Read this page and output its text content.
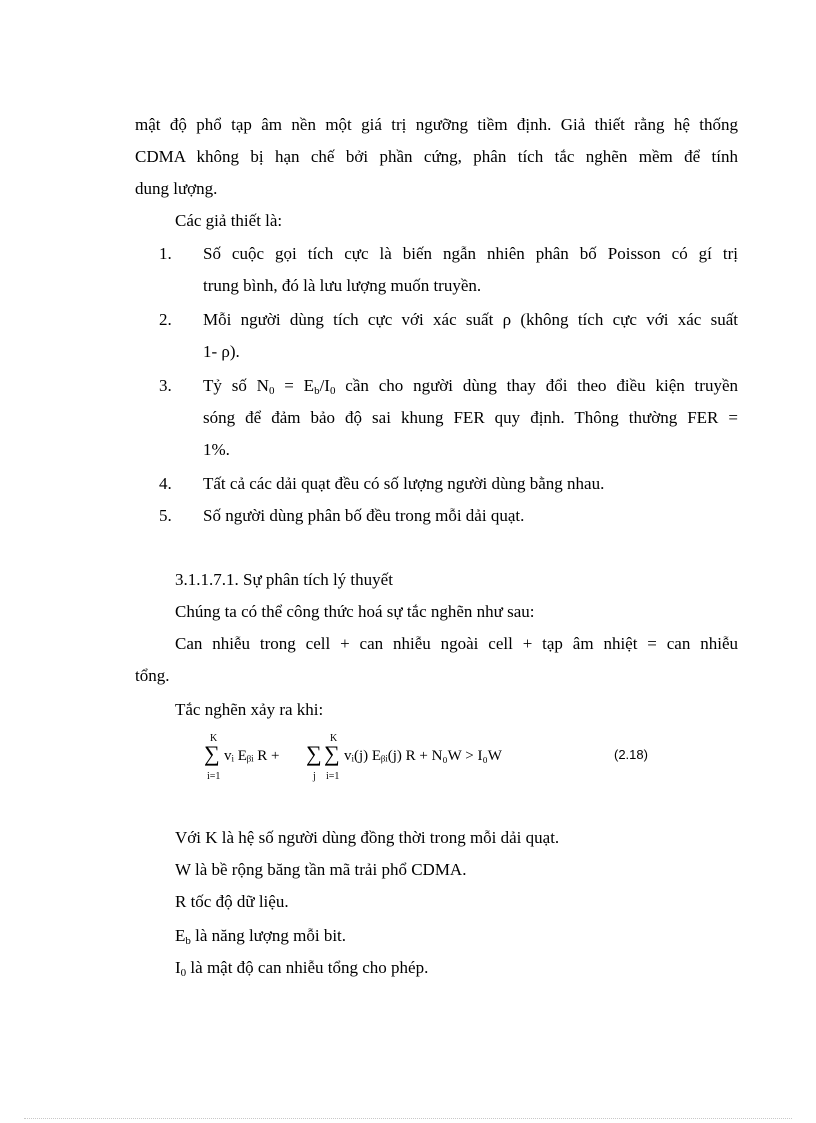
mật độ phổ tạp âm nền một giá trị ngưỡng tiềm định. Giả thiết rằng hệ thống
CDMA không bị hạn chế bởi phần cứng, phân tích tắc nghẽn mềm để tính
dung lượng.
Các giả thiết là:
1. Số cuộc gọi tích cực là biến ngẫn nhiên phân bố Poisson có gí trị
trung bình, đó là lưu lượng muốn truyền.
2. Mỗi người dùng tích cực với xác suất ρ (không tích cực với xác suất
1- ρ).
3. Tỷ số $N_0 = E_b/I_0$ cần cho người dùng thay đổi theo điều kiện truyền
sóng để đảm bảo độ sai khung FER quy định. Thông thường FER =
1%.
4. Tất cả các dải quạt đều có số lượng người dùng bằng nhau.
5. Số người dùng phân bố đều trong mỗi dải quạt.
3.1.1.7.1. Sự phân tích lý thuyết
Chúng ta có thể công thức hoá sự tắc nghẽn như sau:
Can nhiễu trong cell + can nhiễu ngoài cell + tạp âm nhiệt = can nhiễu
tổng.
Tắc nghẽn xảy ra khi:
K
∑
i=1
vᵢ Eᵦᵢ R + ∑
j
K
∑
i=1
vᵢ(j) Eᵦᵢ(j) R + N₀W > I₀W	(2.18)
Với K là hệ số người dùng đồng thời trong mỗi dải quạt.
W là bề rộng băng tần mã trải phổ CDMA.
R tốc độ dữ liệu.
$E_b$ là năng lượng mỗi bit.
$I_0$ là mật độ can nhiễu tổng cho phép.
